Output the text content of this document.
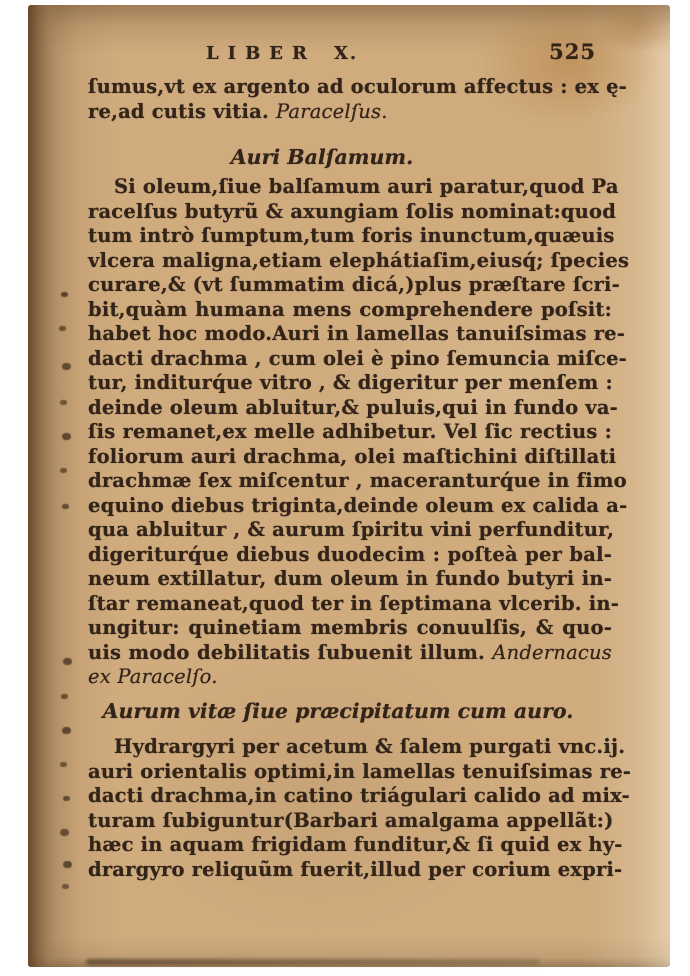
LIBER X.	525
ſumus,vt ex argento ad oculorum affectus : ex ę-
re,ad cutis vitia. Paracelſus.
Auri Balſamum.
Si oleum,ſiue balſamum auri paratur,quod Pa
racelſus butyrũ & axungiam ſolis nominat:quod
tum intrò ſumptum,tum foris inunctum,quæuis
vlcera maligna,etiam elephátiaſim,eiusq́; ſpecies
curare,& (vt ſummatim dicá,)plus præſtare ſcri-
bit,quàm humana mens comprehendere poſsit:
habet hoc modo.Auri in lamellas tanuiſsimas re-
dacti drachma , cum olei è pino ſemuncia miſce-
tur, inditurq́ue vitro , & digeritur per menſem :
deinde oleum abluitur,& puluis,qui in fundo va-
ſis remanet,ex melle adhibetur. Vel ſic rectius :
foliorum auri drachma, olei maſtichini diſtillati
drachmæ ſex miſcentur , maceranturq́ue in fimo
equino diebus triginta,deinde oleum ex calida a-
qua abluitur , & aurum ſpiritu vini perfunditur,
digeriturq́ue diebus duodecim : poſteà per bal-
neum extillatur, dum oleum in fundo butyri in-
ſtar remaneat,quod ter in ſeptimana vlcerib. in-
ungitur: quinetiam membris conuulſis, & quo-
uis modo debilitatis ſubuenit illum. Andernacus
ex Paracelſo.
Aurum vitæ ſiue præcipitatum cum auro.
Hydrargyri per acetum & ſalem purgati vnc.ij.
auri orientalis optimi,in lamellas tenuiſsimas re-
dacti drachma,in catino triágulari calido ad mix-
turam ſubiguntur(Barbari amalgama appellãt:)
hæc in aquam frigidam funditur,& ſi quid ex hy-
drargyro reliquũm fuerit,illud per corium expri-
